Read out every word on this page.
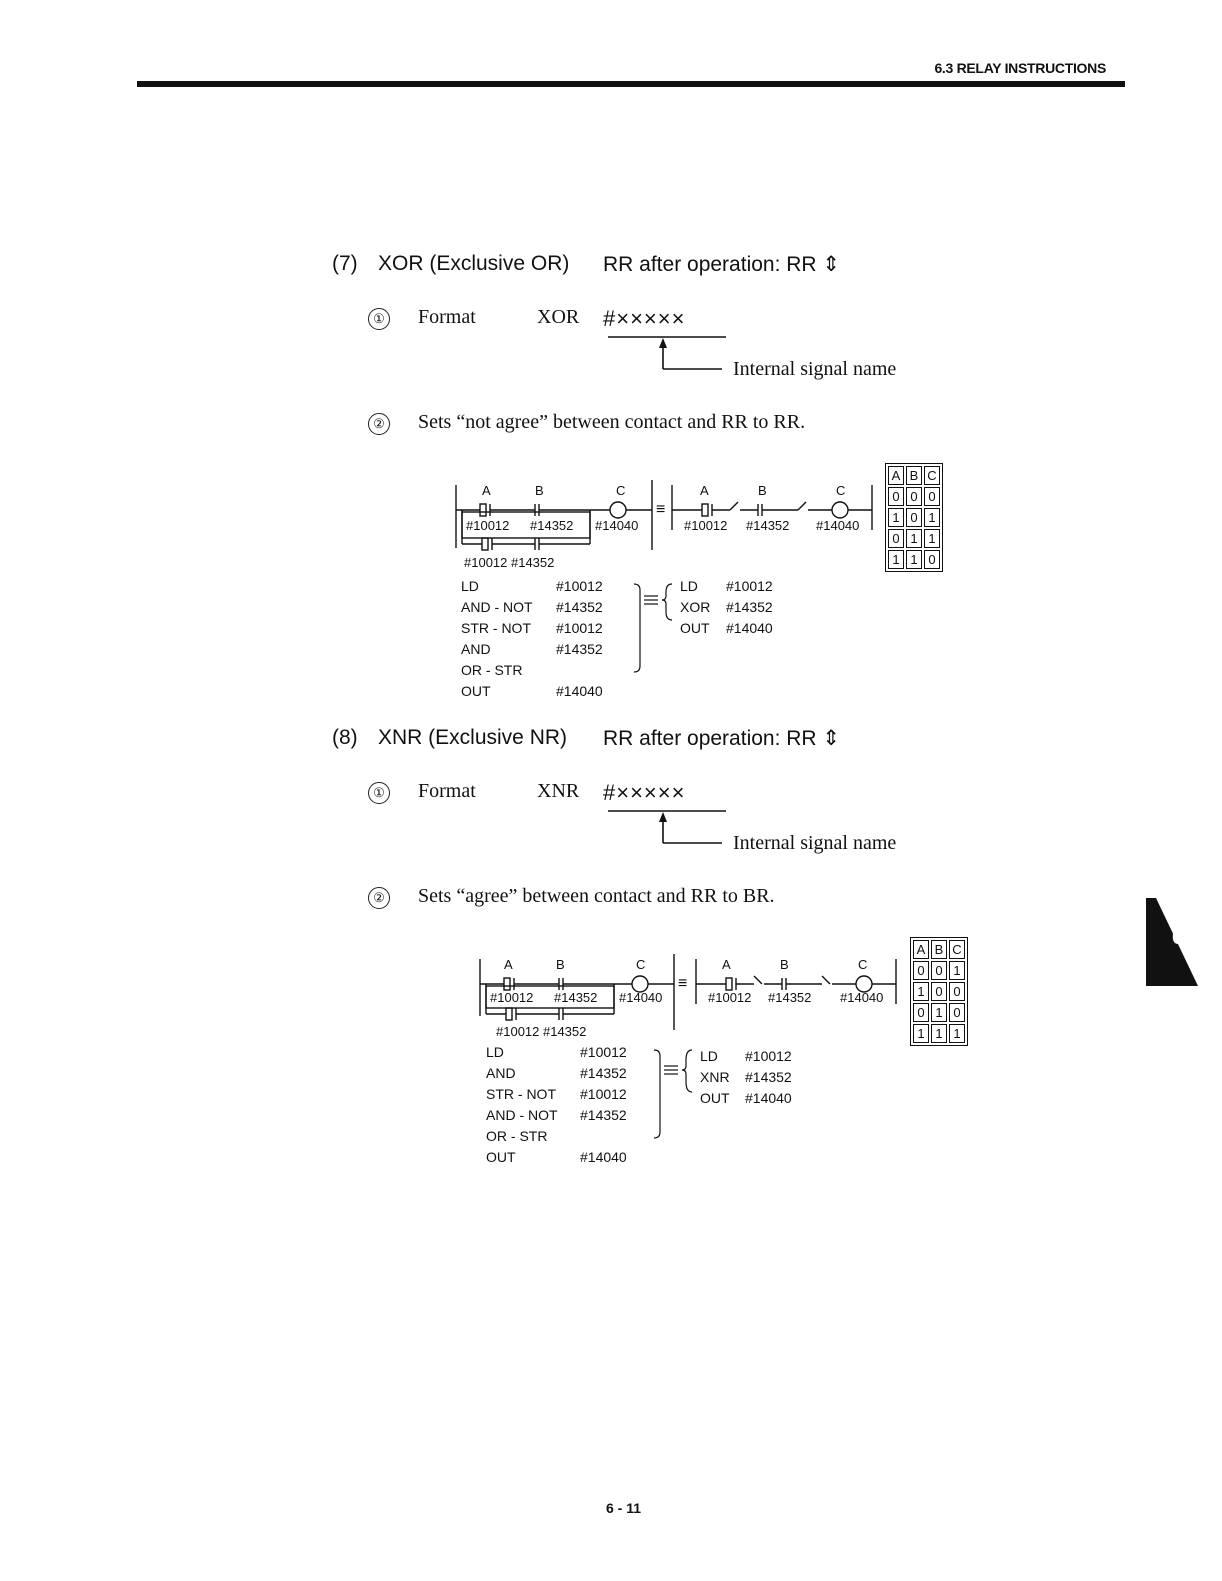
6.3 RELAY INSTRUCTIONS
(7) XOR (Exclusive OR) RR after operation: RR ⇕
① Format	XOR #×××××
Internal signal name
② Sets “not agree” between contact and RR to RR.
≡
A	B	C
#10012 #14352 #14040
#10012 #14352
A	B	C
#10012 #14352 #14040
A	B	C
0	0	0
1	0	1
0	1	1
1	1	0
LD	#10012
AND - NOT #14352
STR - NOT #10012
AND	#14352
OR - STR
OUT	#14040
LD #10012
XOR #14352
OUT #14040
(8) XNR (Exclusive NR) RR after operation: RR ⇕
① Format	XNR #×××××
Internal signal name
② Sets “agree” between contact and RR to BR.
≡
A	B	C
#10012 #14352 #14040
#10012 #14352
A	B	C
#10012 #14352 #14040
A	B	C
0	0	1
1	0	0
0	1	0
1	1	1
LD	#10012
AND	#14352
STR - NOT #10012
AND - NOT #14352
OR - STR
OUT	#14040
LD #10012
XNR #14352
OUT #14040
6
6 - 11
